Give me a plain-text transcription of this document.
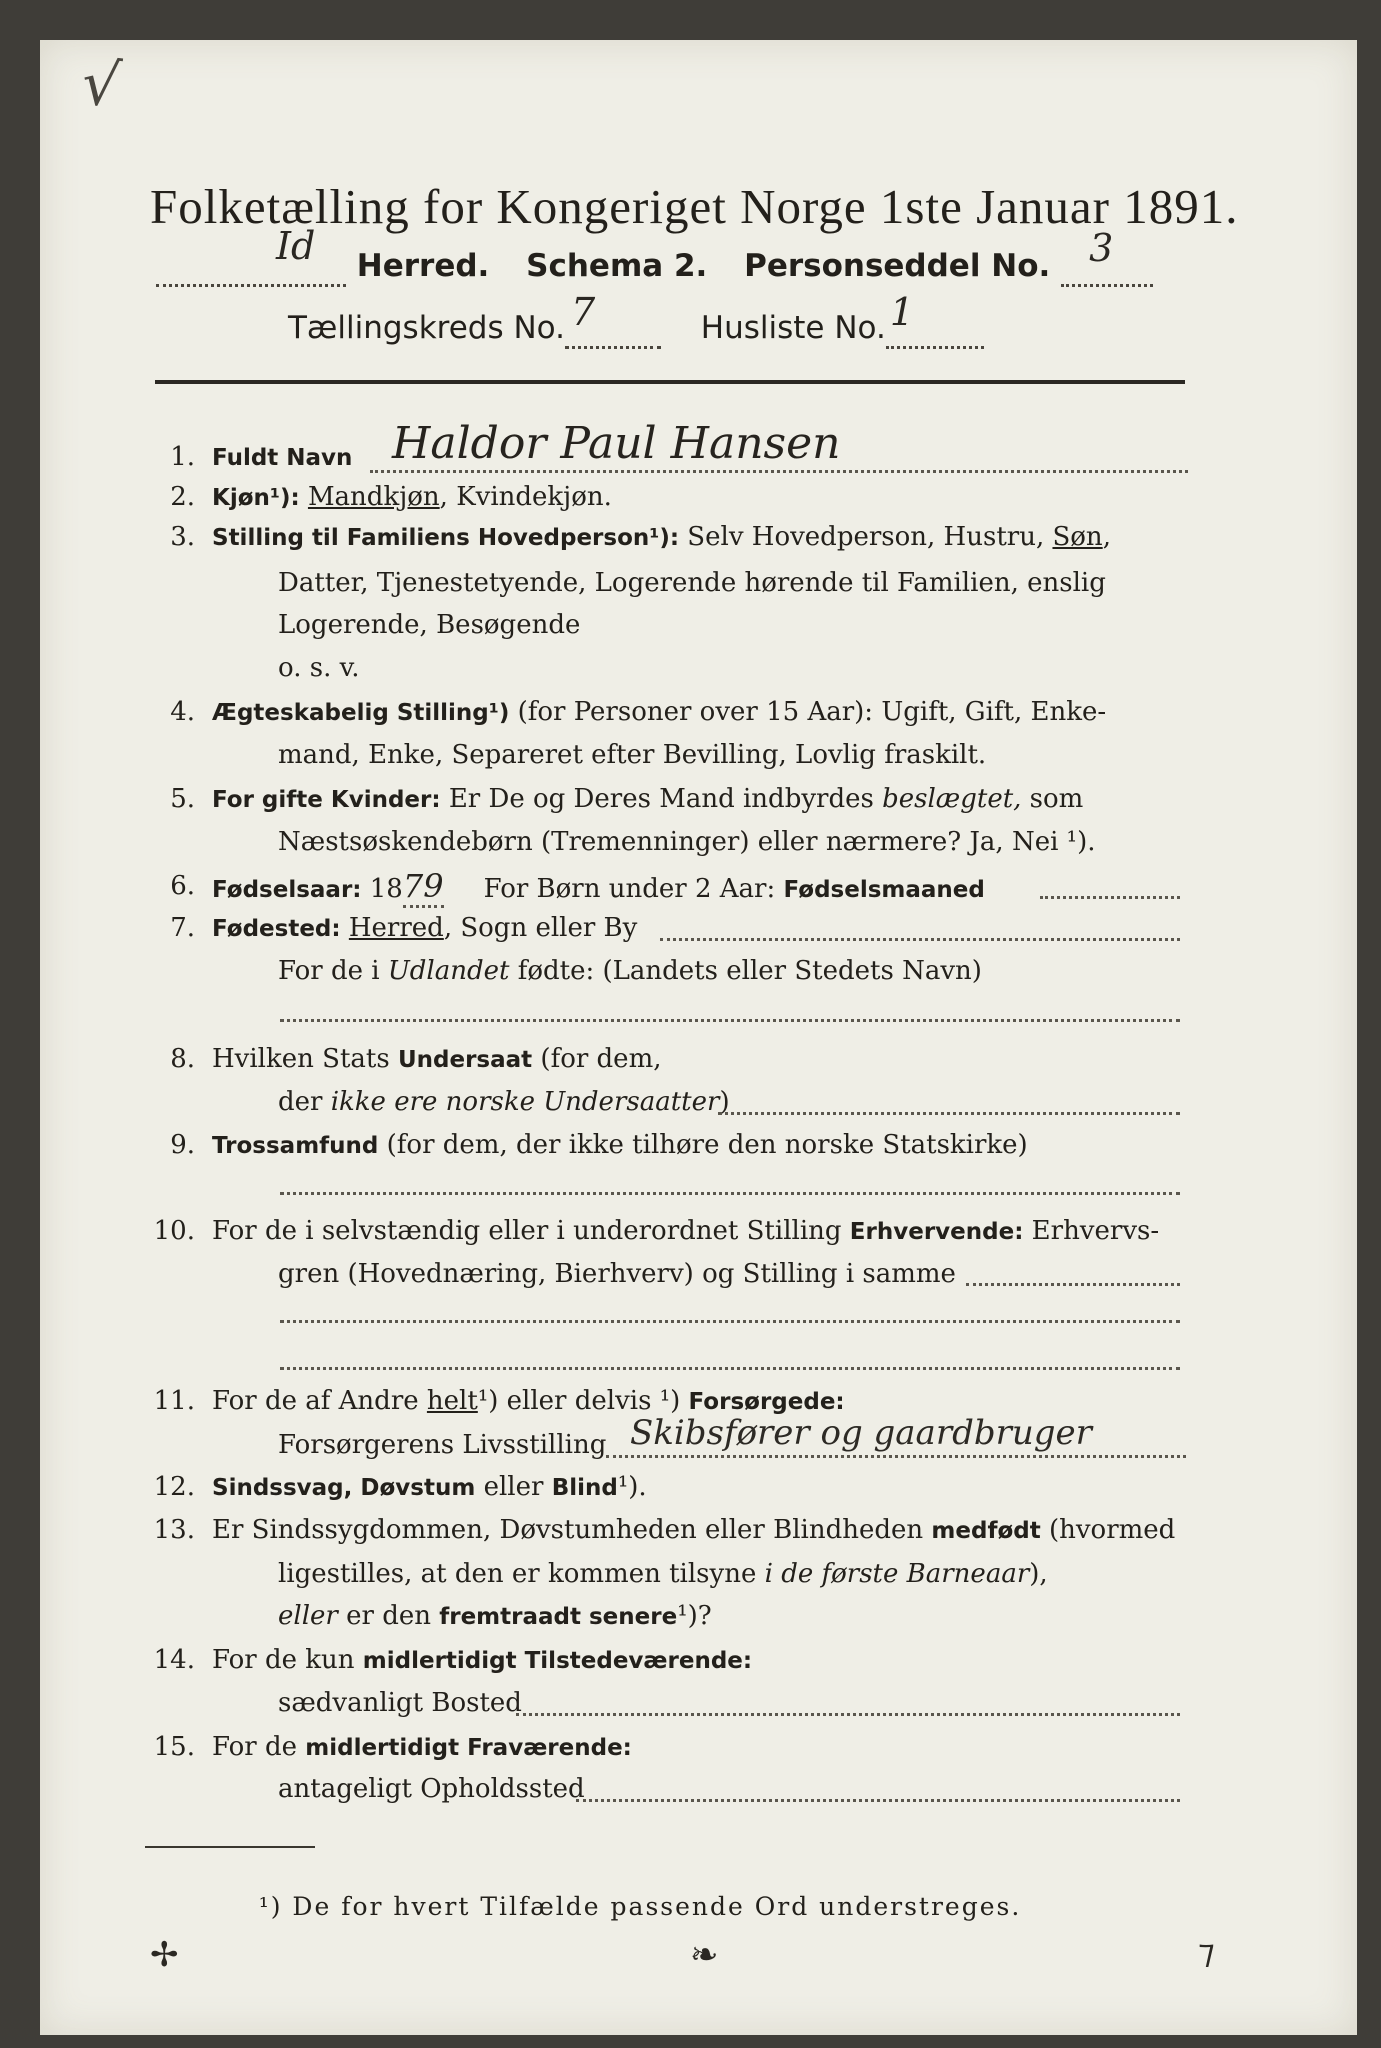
√
Folketælling for Kongeriget Norge 1ste Januar 1891.
Id Herred. Schema 2. Personseddel No. 3

Tællingskreds No. 7	Husliste No. 1

1. Fuldt Navn Haldor Paul Hansen
2. Kjøn¹): Mandkjøn, Kvindekjøn.
3. Stilling til Familiens Hovedperson¹): Selv Hovedperson, Hustru, Søn,
Datter, Tjenestetyende, Logerende hørende til Familien, enslig
Logerende, Besøgende
o. s. v.
4. Ægteskabelig Stilling¹) (for Personer over 15 Aar): Ugift, Gift, Enke-
mand, Enke, Separeret efter Bevilling, Lovlig fraskilt.
5. For gifte Kvinder: Er De og Deres Mand indbyrdes beslægtet, som
Næstsøskendebørn (Tremenninger) eller nærmere? Ja, Nei ¹).
6. Fødselsaar: 1879 For Børn under 2 Aar: Fødselsmaaned
7. Fødested: Herred, Sogn eller By
For de i Udlandet fødte: (Landets eller Stedets Navn)
8. Hvilken Stats Undersaat (for dem,
der ikke ere norske Undersaatter)
9. Trossamfund (for dem, der ikke tilhøre den norske Statskirke)
10. For de i selvstændig eller i underordnet Stilling Erhvervende: Erhvervs-
gren (Hovednæring, Bierhverv) og Stilling i samme
11. For de af Andre helt¹) eller delvis ¹) Forsørgede:
Forsørgerens Livsstilling Skibsfører og gaardbruger
12. Sindssvag, Døvstum eller Blind¹).
13. Er Sindssygdommen, Døvstumheden eller Blindheden medfødt (hvormed
ligestilles, at den er kommen tilsyne i de første Barneaar),
eller er den fremtraadt senere¹)?
14. For de kun midlertidigt Tilstedeværende:
sædvanligt Bosted
15. For de midlertidigt Fraværende:
antageligt Opholdssted
¹) De for hvert Tilfælde passende Ord understreges.
✢	❧	⁊
